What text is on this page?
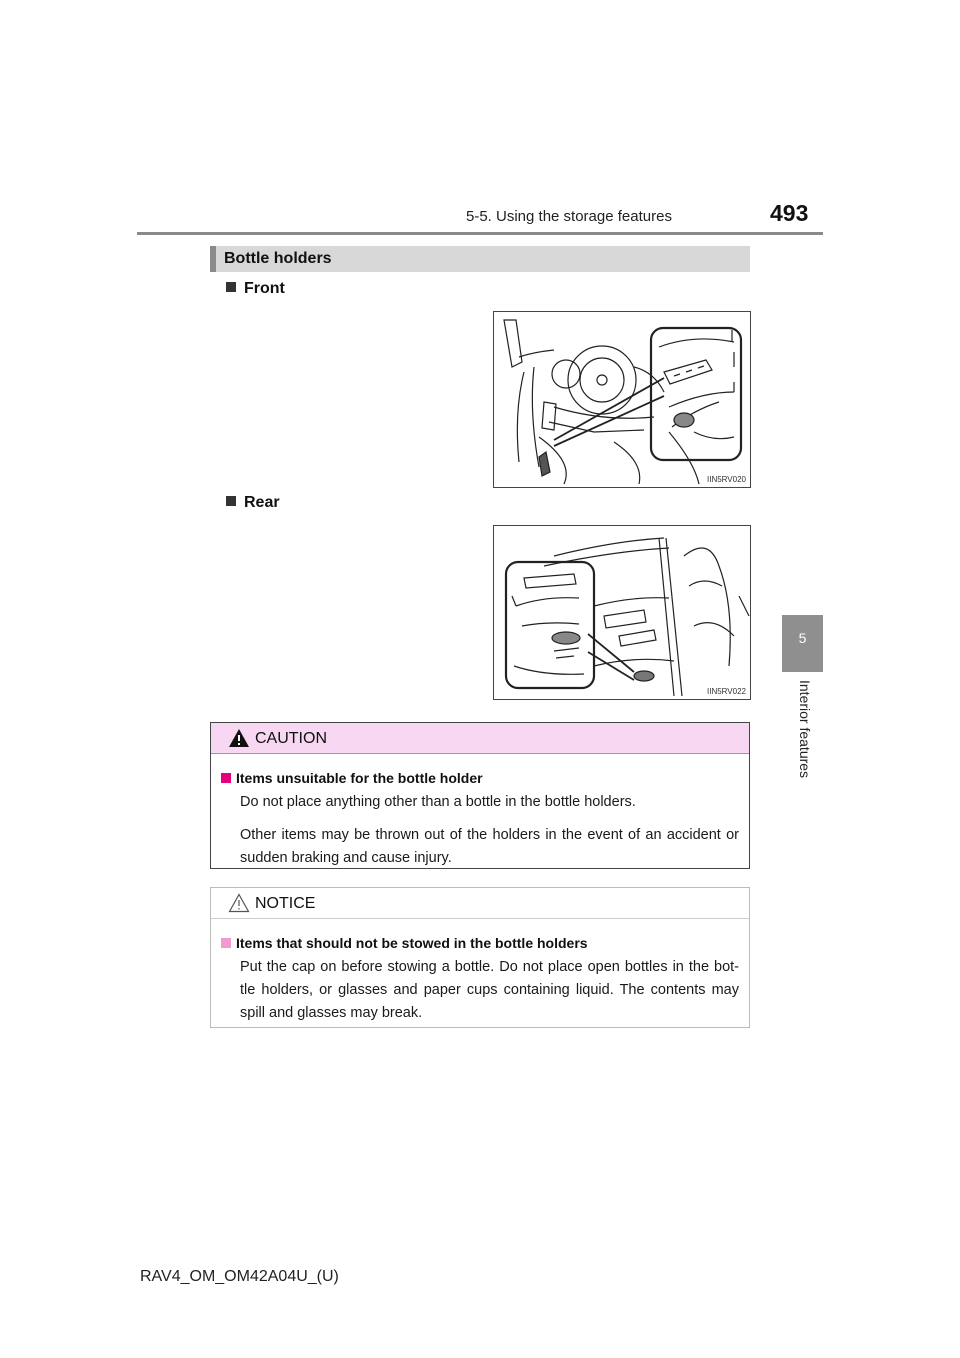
5-5. Using the storage features	493
5
Interior features
Bottle holders
Front
IIN5RV020
Rear
IIN5RV022
CAUTION
Items unsuitable for the bottle holder
Do not place anything other than a bottle in the bottle holders.
Other items may be thrown out of the holders in the event of an accident or sudden braking and cause injury.
NOTICE
Items that should not be stowed in the bottle holders
Put the cap on before stowing a bottle. Do not place open bottles in the bot-tle holders, or glasses and paper cups containing liquid. The contents may spill and glasses may break.
RAV4_OM_OM42A04U_(U)
